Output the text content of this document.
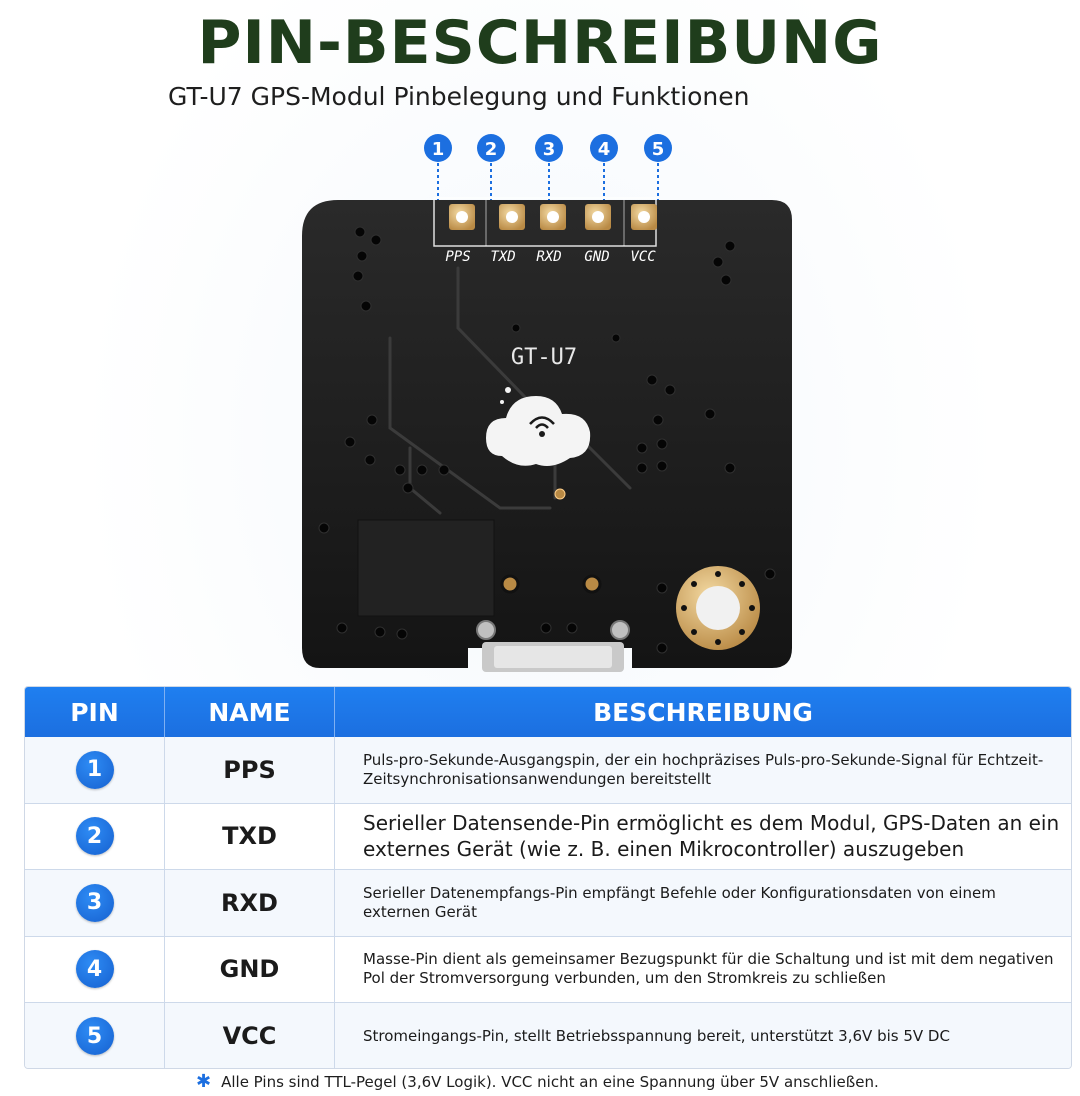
PIN-BESCHREIBUNG
GT-U7 GPS-Modul Pinbelegung und Funktionen
1 2	3 4 5
PPS TXD RXD GND VCC
GT-U7
PIN	NAME	BESCHREIBUNG
1	PPS	Puls-pro-Sekunde-Ausgangspin, der ein hochpräzises Puls-pro-Sekunde-Signal für Echtzeit-Zeitsynchronisationsanwendungen bereitstellt
2	TXD	Serieller Datensende-Pin ermöglicht es dem Modul, GPS-Daten an ein externes Gerät (wie z. B. einen Mikrocontroller) auszugeben
3	RXD	Serieller Datenempfangs-Pin empfängt Befehle oder Konfigurationsdaten von einem externen Gerät
4	GND	Masse-Pin dient als gemeinsamer Bezugspunkt für die Schaltung und ist mit dem negativen Pol der Stromversorgung verbunden, um den Stromkreis zu schließen
5	VCC	Stromeingangs-Pin, stellt Betriebsspannung bereit, unterstützt 3,6V bis 5V DC
✱ Alle Pins sind TTL-Pegel (3,6V Logik). VCC nicht an eine Spannung über 5V anschließen.
